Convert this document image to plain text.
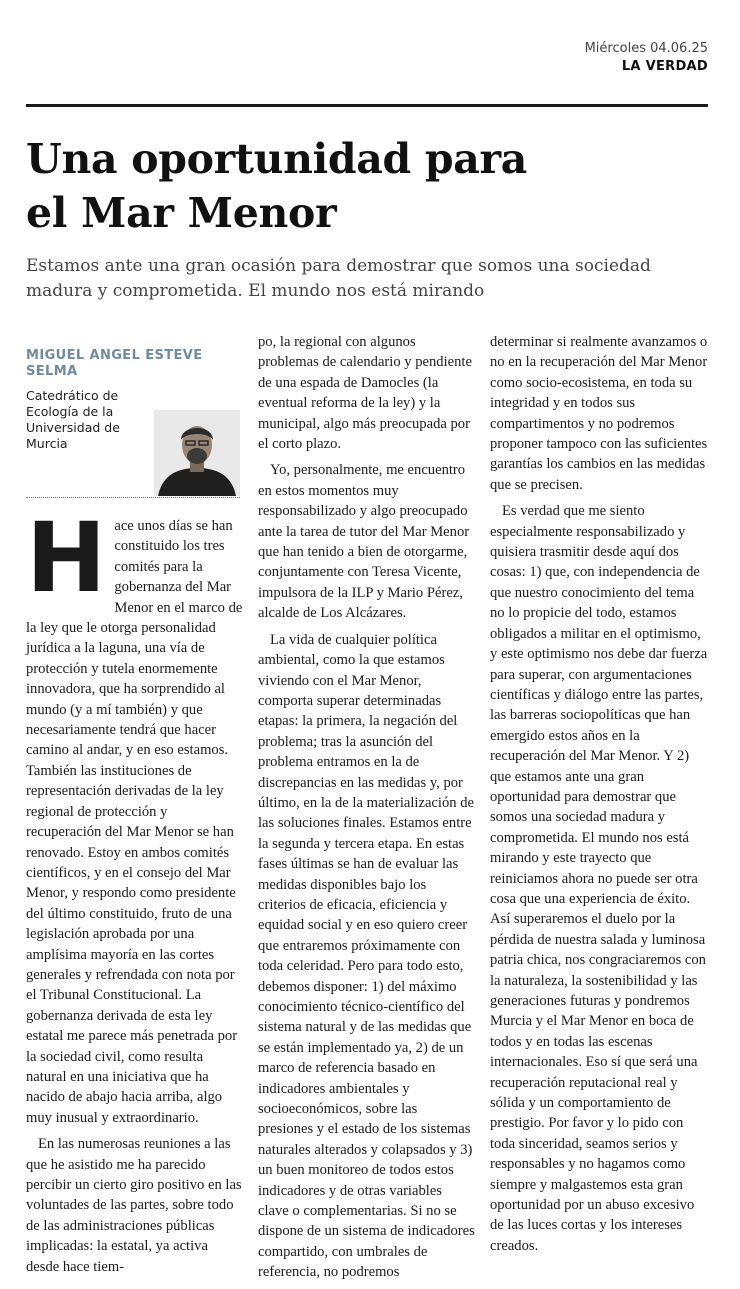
Miércoles 04.06.25
LA VERDAD
Una oportunidad para
el Mar Menor

Estamos ante una gran ocasión para demostrar que somos una sociedad madura y comprometida. El mundo nos está mirando

MIGUEL ANGEL ESTEVE SELMA
Catedrático de Ecología de la Universidad de Murcia

Hace unos días se han constituido los tres comités para la gobernanza del Mar Menor en el marco de la ley que le otorga personalidad jurídica a la laguna, una vía de protección y tutela enormemente innovadora, que ha sorprendido al mundo (y a mí también) y que necesariamente tendrá que hacer camino al andar, y en eso estamos. También las instituciones de representación derivadas de la ley regional de protección y recuperación del Mar Menor se han renovado. Estoy en ambos comités científicos, y en el consejo del Mar Menor, y respondo como presidente del último constituido, fruto de una legislación aprobada por una amplísima mayoría en las cortes generales y refrendada con nota por el Tribunal Constitucional. La gobernanza derivada de esta ley estatal me parece más penetrada por la sociedad civil, como resulta natural en una iniciativa que ha nacido de abajo hacia arriba, algo muy inusual y extraordinario.

En las numerosas reuniones a las que he asistido me ha parecido percibir un cierto giro positivo en las voluntades de las partes, sobre todo de las administraciones públicas implicadas: la estatal, ya activa desde hace tiem-

po, la regional con algunos problemas de calendario y pendiente de una espada de Damocles (la eventual reforma de la ley) y la municipal, algo más preocupada por el corto plazo.

Yo, personalmente, me encuentro en estos momentos muy responsabilizado y algo preocupado ante la tarea de tutor del Mar Menor que han tenido a bien de otorgarme, conjuntamente con Teresa Vicente, impulsora de la ILP y Mario Pérez, alcalde de Los Alcázares.

La vida de cualquier política ambiental, como la que estamos viviendo con el Mar Menor, comporta superar determinadas etapas: la primera, la negación del problema; tras la asunción del problema entramos en la de discrepancias en las medidas y, por último, en la de la materialización de las soluciones finales. Estamos entre la segunda y tercera etapa. En estas fases últimas se han de evaluar las medidas disponibles bajo los criterios de eficacia, eficiencia y equidad social y en eso quiero creer que entraremos próximamente con toda celeridad. Pero para todo esto, debemos disponer: 1) del máximo conocimiento técnico-científico del sistema natural y de las medidas que se están implementado ya, 2) de un marco de referencia basado en indicadores ambientales y socioeconómicos, sobre las presiones y el estado de los sistemas naturales alterados y colapsados y 3) un buen monitoreo de todos estos indicadores y de otras variables clave o complementarias. Si no se dispone de un sistema de indicadores compartido, con umbrales de referencia, no podremos

determinar si realmente avanzamos o no en la recuperación del Mar Menor como socio-ecosistema, en toda su integridad y en todos sus compartimentos y no podremos proponer tampoco con las suficientes garantías los cambios en las medidas que se precisen.

Es verdad que me siento especialmente responsabilizado y quisiera trasmitir desde aquí dos cosas: 1) que, con independencia de que nuestro conocimiento del tema no lo propicie del todo, estamos obligados a militar en el optimismo, y este optimismo nos debe dar fuerza para superar, con argumentaciones científicas y diálogo entre las partes, las barreras sociopolíticas que han emergido estos años en la recuperación del Mar Menor. Y 2) que estamos ante una gran oportunidad para demostrar que somos una sociedad madura y comprometida. El mundo nos está mirando y este trayecto que reiniciamos ahora no puede ser otra cosa que una experiencia de éxito. Así superaremos el duelo por la pérdida de nuestra salada y luminosa patria chica, nos congraciaremos con la naturaleza, la sostenibilidad y las generaciones futuras y pondremos Murcia y el Mar Menor en boca de todos y en todas las escenas internacionales. Eso sí que será una recuperación reputacional real y sólida y un comportamiento de prestigio. Por favor y lo pido con toda sinceridad, seamos serios y responsables y no hagamos como siempre y malgastemos esta gran oportunidad por un abuso excesivo de las luces cortas y los intereses creados.
